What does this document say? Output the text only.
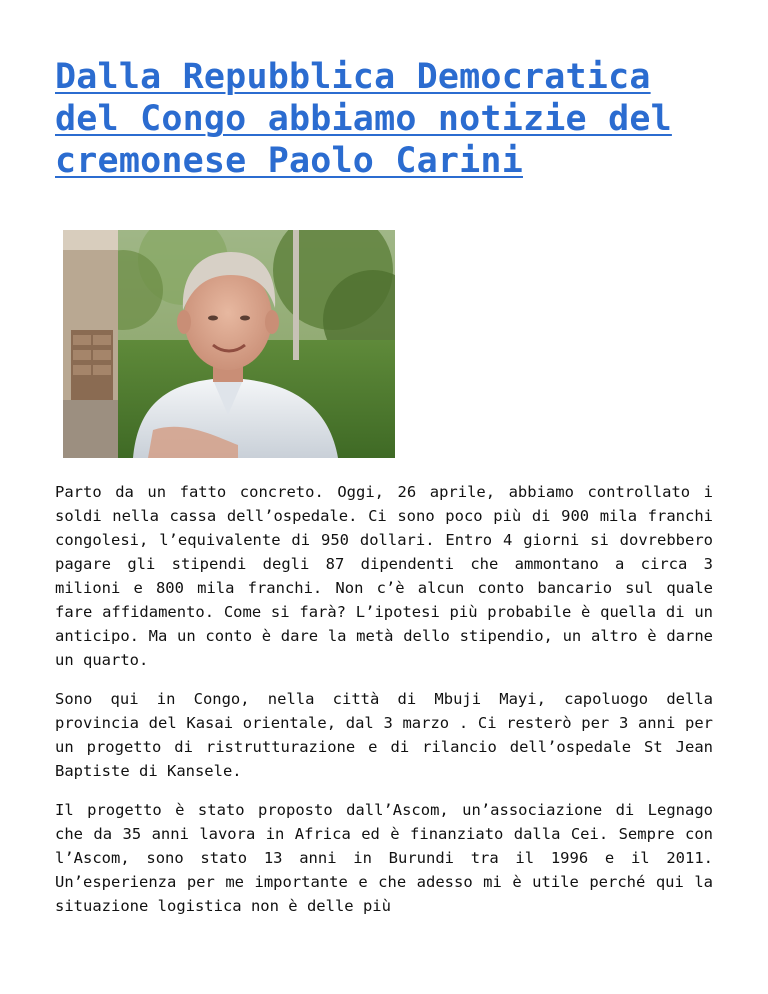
Dalla Repubblica Democratica del Congo abbiamo notizie del cremonese Paolo Carini

Parto da un fatto concreto. Oggi, 26 aprile, abbiamo controllato i soldi nella cassa dell’ospedale. Ci sono poco più di 900 mila franchi congolesi, l’equivalente di 950 dollari. Entro 4 giorni si dovrebbero pagare gli stipendi degli 87 dipendenti che ammontano a circa 3 milioni e 800 mila franchi. Non c’è alcun conto bancario sul quale fare affidamento. Come si farà? L’ipotesi più probabile è quella di un anticipo. Ma un conto è dare la metà dello stipendio, un altro è darne un quarto.

Sono qui in Congo, nella città di Mbuji Mayi, capoluogo della provincia del Kasai orientale, dal 3 marzo . Ci resterò per 3 anni per un progetto di ristrutturazione e di rilancio dell’ospedale St Jean Baptiste di Kansele.

Il progetto è stato proposto dall’Ascom, un’associazione di Legnago che da 35 anni lavora in Africa ed è finanziato dalla Cei. Sempre con l’Ascom, sono stato 13 anni in Burundi tra il 1996 e il 2011. Un’esperienza per me importante e che adesso mi è utile perché qui la situazione logistica non è delle più
